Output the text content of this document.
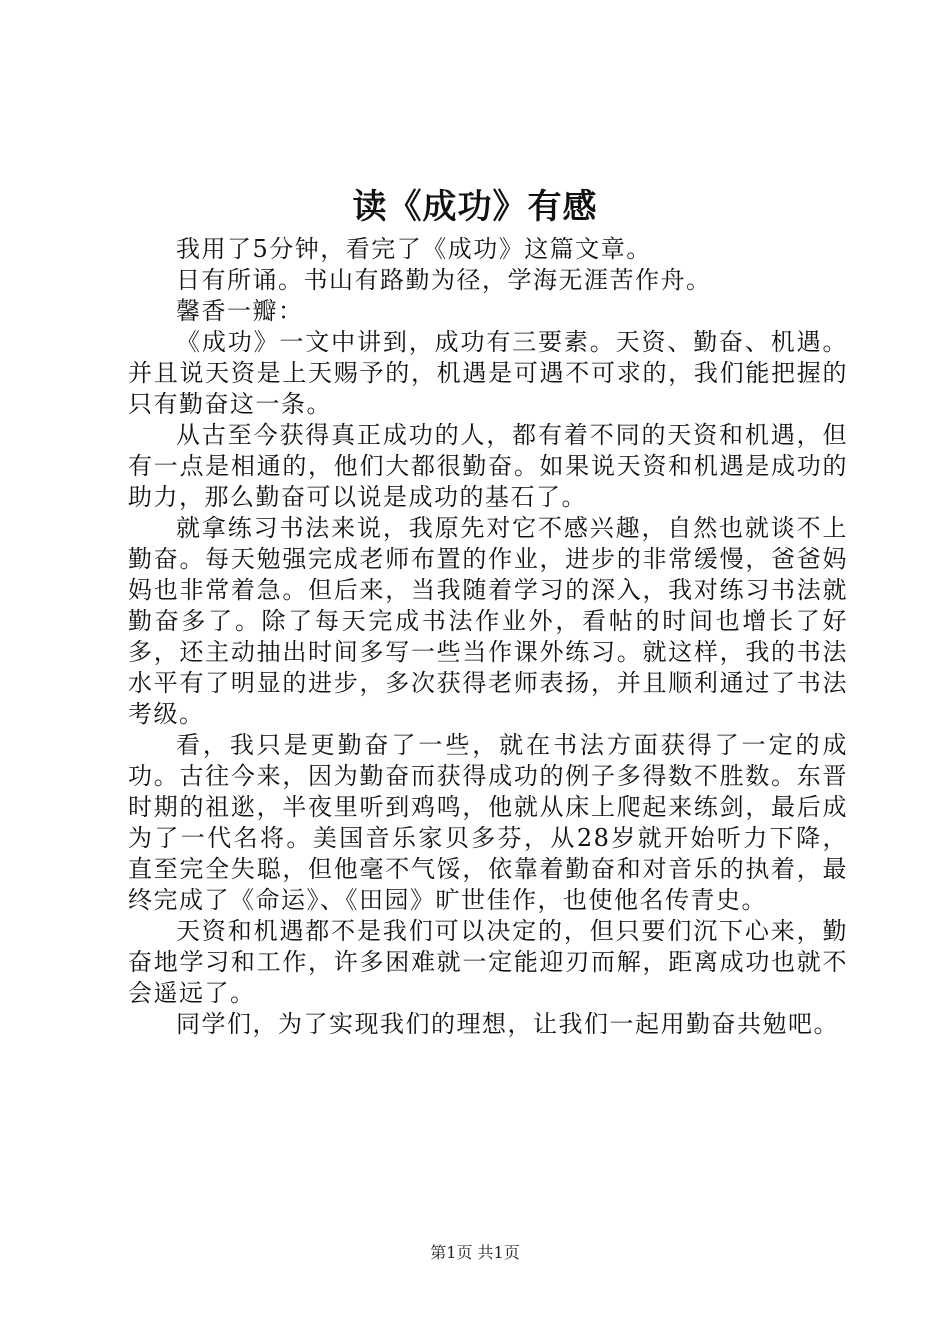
读《成功》有感

我用了5分钟，看完了《成功》这篇文章。

日有所诵。书山有路勤为径，学海无涯苦作舟。

馨香一瓣：

《成功》一文中讲到，成功有三要素。天资、勤奋、机遇。并且说天资是上天赐予的，机遇是可遇不可求的，我们能把握的只有勤奋这一条。

从古至今获得真正成功的人，都有着不同的天资和机遇，但有一点是相通的，他们大都很勤奋。如果说天资和机遇是成功的助力，那么勤奋可以说是成功的基石了。

就拿练习书法来说，我原先对它不感兴趣，自然也就谈不上勤奋。每天勉强完成老师布置的作业，进步的非常缓慢，爸爸妈妈也非常着急。但后来，当我随着学习的深入，我对练习书法就勤奋多了。除了每天完成书法作业外，看帖的时间也增长了好多，还主动抽出时间多写一些当作课外练习。就这样，我的书法水平有了明显的进步，多次获得老师表扬，并且顺利通过了书法考级。

看，我只是更勤奋了一些，就在书法方面获得了一定的成功。古往今来，因为勤奋而获得成功的例子多得数不胜数。东晋时期的祖逖，半夜里听到鸡鸣，他就从床上爬起来练剑，最后成为了一代名将。美国音乐家贝多芬，从28岁就开始听力下降，直至完全失聪，但他毫不气馁，依靠着勤奋和对音乐的执着，最终完成了《命运》、《田园》旷世佳作，也使他名传青史。

天资和机遇都不是我们可以决定的，但只要们沉下心来，勤奋地学习和工作，许多困难就一定能迎刃而解，距离成功也就不会遥远了。

同学们，为了实现我们的理想，让我们一起用勤奋共勉吧。

第1页 共1页
